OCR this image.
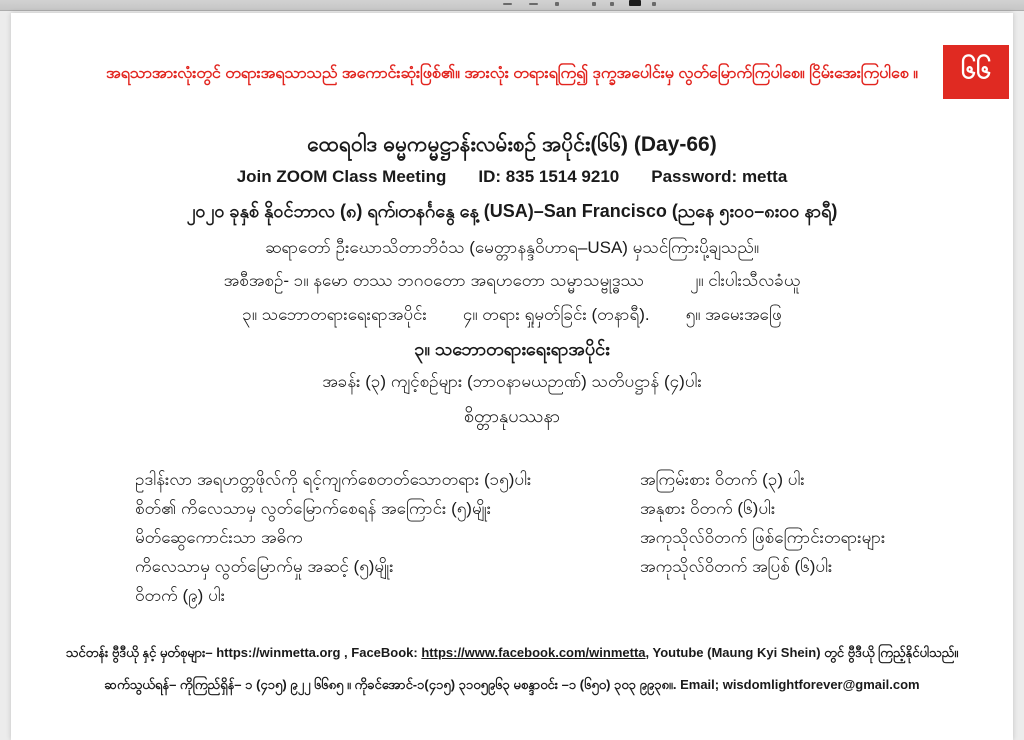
အရသာအားလုံးတွင် တရားအရသာသည် အကောင်းဆုံးဖြစ်၏။ အားလုံး တရားရကြ၍ ဒုက္ခအပေါင်းမှ လွတ်မြောက်ကြပါစေ။ ငြိမ်းအေးကြပါစေ ။	၆၆
ထေရဝါဒ ဓမ္မကမ္မဋ္ဌာန်းလမ်းစဉ် အပိုင်း(၆၆) (Day-66)
Join ZOOM Class Meeting ID: 835 1514 9210 Password: metta
၂၀၂၀ ခုနှစ် နိုဝင်ဘာလ (၈) ရက်၊တနင်္ဂနွေ နေ့ (USA)–San Francisco (ညနေ ၅း၀၀–၈း၀၀ နာရီ)
ဆရာတော် ဦးဃောသိတာဘိဝံသ (မေတ္တာနန္ဒဝိဟာရ–USA) မှသင်ကြားပို့ချသည်။
အစီအစဉ်- ၁။ နမော တဿ ဘဂဝတော အရဟတော သမ္မာသမ္ဗုဒ္ဓဿ	၂။ ငါးပါးသီလခံယူ
၃။ သဘောတရားရေးရာအပိုင်း ၄။ တရား ရှုမှတ်ခြင်း (တနာရီ). ၅။ အမေးအဖြေ
၃။ သဘောတရားရေးရာအပိုင်း
အခန်း (၃) ကျင့်စဉ်များ (ဘာဝနာမယဉာဏ်) သတိပဋ္ဌာန် (၄)ပါး
စိတ္တာနုပဿနာ
ဥဒါန်းလာ အရဟတ္တဖိုလ်ကို ရင့်ကျက်စေတတ်သောတရား (၁၅)ပါး
စိတ်၏ ကိလေသာမှ လွတ်မြောက်စေရန် အကြောင်း (၅)မျိုး
မိတ်ဆွေကောင်းသာ အဓိက
ကိလေသာမှ လွတ်မြောက်မှု အဆင့် (၅)မျိုး
ဝိတက် (၉) ပါး
အကြမ်းစား ဝိတက် (၃) ပါး
အနုစား ဝိတက် (၆)ပါး
အကုသိုလ်ဝိတက် ဖြစ်ကြောင်းတရားများ
အကုသိုလ်ဝိတက် အပြစ် (၆)ပါး
သင်တန်း ဗွီဒီယို နှင့် မှတ်စုများ– https://winmetta.org , FaceBook: https://www.facebook.com/winmetta, Youtube (Maung Kyi Shein) တွင် ဗွီဒီယို ကြည့်နိုင်ပါသည်။
ဆက်သွယ်ရန်– ကိုကြည်ရှိန်– ၁ (၄၁၅) ၉၂၂ ၆၆၈၅ ။ ကိုခင်အောင်-၁(၄၁၅) ၃၁၀၅၉၆၃ မစန္ဒာဝင်း –၁ (၆၅၀) ၃၀၃ ၉၉၃၈။. Email; wisdomlightforever@gmail.com
